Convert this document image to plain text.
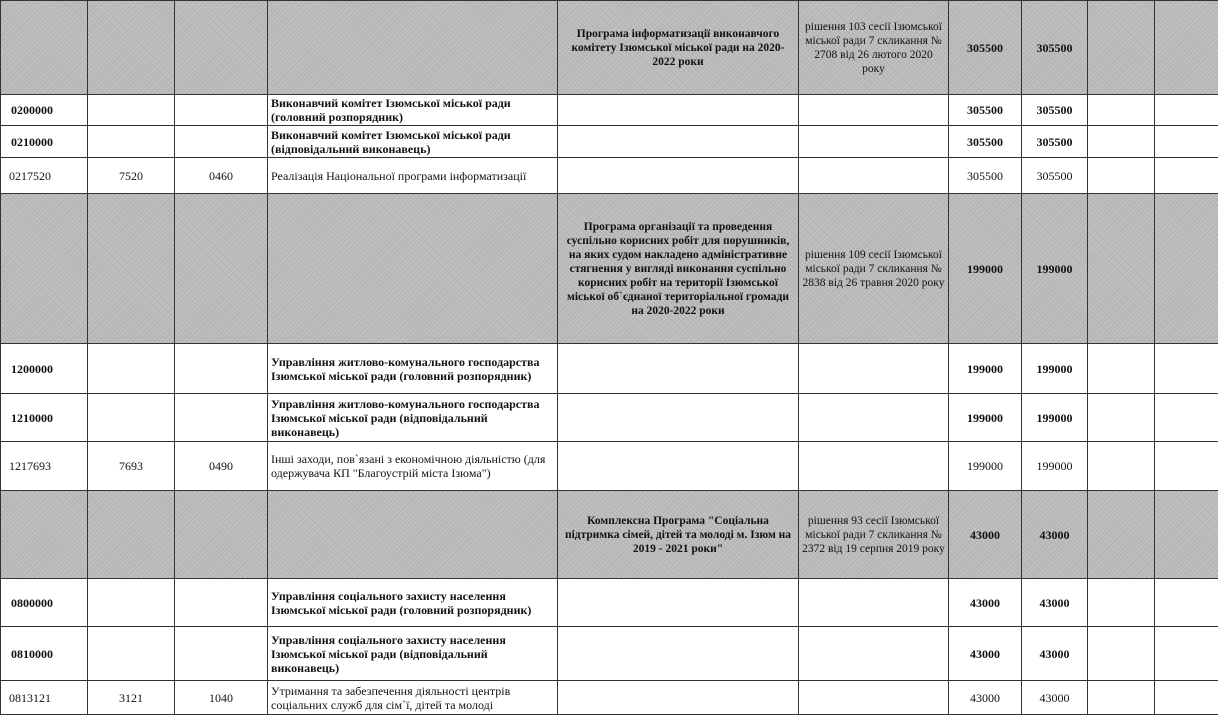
				Програма інформатизації виконавчого комітету Ізюмської міської ради на 2020-2022 роки	рішення 103 сесії Ізюмської міської ради 7 скликання № 2708 від 26 лютого 2020 року	305500	305500		
0200000			Виконавчий комітет Ізюмської міської ради (головний розпорядник)			305500	305500		
0210000			Виконавчий комітет Ізюмської міської ради (відповідальний виконавець)			305500	305500		
0217520	7520	0460	Реалізація Національної програми інформатизації			305500	305500		
				Програма організації та проведення суспільно корисних робіт для порушників, на яких судом накладено адміністративне стягнення у вигляді виконання суспільно корисних робіт на території Ізюмської міської об`єднаної територіальної громади на 2020-2022 роки	рішення 109 сесії Ізюмської міської ради 7 скликання № 2838 від 26 травня 2020 року	199000	199000		
1200000			Управління житлово-комунального господарства Ізюмської міської ради (головний розпорядник)			199000	199000		
1210000			Управління житлово-комунального господарства Ізюмської міської ради (відповідальний виконавець)			199000	199000		
1217693	7693	0490	Інші заходи, пов`язані з економічною діяльністю (для одержувача КП "Благоустрій міста Ізюма")			199000	199000		
				Комплексна Програма "Соціальна підтримка сімей, дітей та молоді м. Ізюм на 2019 - 2021 роки"	рішення 93 сесії Ізюмської міської ради 7 скликання № 2372 від 19 серпня 2019 року	43000	43000		
0800000			Управління соціального захисту населення Ізюмської міської ради (головний розпорядник)			43000	43000		
0810000			Управління соціального захисту населення Ізюмської міської ради (відповідальний виконавець)			43000	43000		
0813121	3121	1040	Утримання та забезпечення діяльності центрів соціальних служб для сім`ї, дітей та молоді			43000	43000		
